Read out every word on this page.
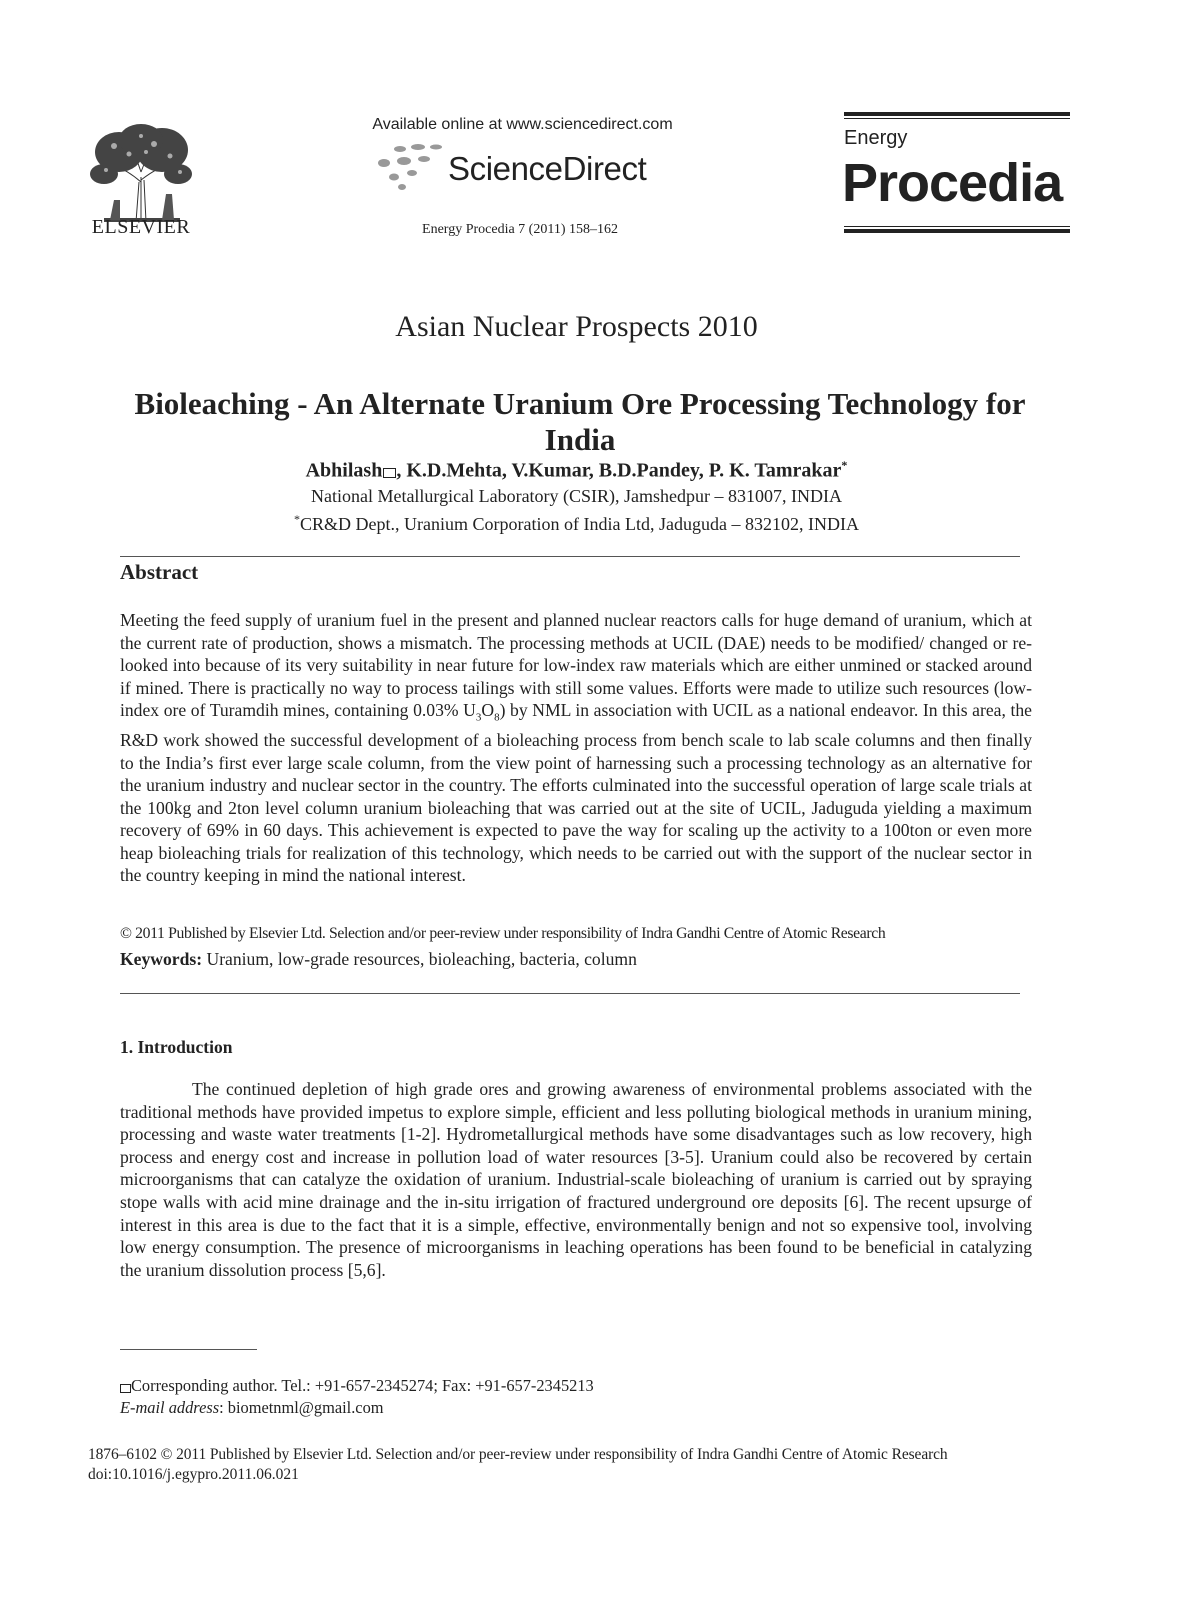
ELSEVIER
Available online at www.sciencedirect.com
ScienceDirect
Energy Procedia 7 (2011) 158–162
Energy
Procedia
Asian Nuclear Prospects 2010
Bioleaching - An Alternate Uranium Ore Processing Technology for India
Abhilash , K.D.Mehta, V.Kumar, B.D.Pandey, P. K. Tamrakar*
National Metallurgical Laboratory (CSIR), Jamshedpur – 831007, INDIA
*CR&D Dept., Uranium Corporation of India Ltd, Jaduguda – 832102, INDIA
Abstract
Meeting the feed supply of uranium fuel in the present and planned nuclear reactors calls for huge demand of uranium, which at the current rate of production, shows a mismatch. The processing methods at UCIL (DAE) needs to be modified/ changed or re-looked into because of its very suitability in near future for low-index raw materials which are either unmined or stacked around if mined. There is practically no way to process tailings with still some values. Efforts were made to utilize such resources (low-index ore of Turamdih mines, containing 0.03% $U_3O_8$) by NML in association with UCIL as a national endeavor. In this area, the R&D work showed the successful development of a bioleaching process from bench scale to lab scale columns and then finally to the India’s first ever large scale column, from the view point of harnessing such a processing technology as an alternative for the uranium industry and nuclear sector in the country. The efforts culminated into the successful operation of large scale trials at the 100kg and 2ton level column uranium bioleaching that was carried out at the site of UCIL, Jaduguda yielding a maximum recovery of 69% in 60 days. This achievement is expected to pave the way for scaling up the activity to a 100ton or even more heap bioleaching trials for realization of this technology, which needs to be carried out with the support of the nuclear sector in the country keeping in mind the national interest.
© 2011 Published by Elsevier Ltd. Selection and/or peer-review under responsibility of Indra Gandhi Centre of Atomic Research
Keywords: Uranium, low-grade resources, bioleaching, bacteria, column
1. Introduction
The continued depletion of high grade ores and growing awareness of environmental problems associated with the traditional methods have provided impetus to explore simple, efficient and less polluting biological methods in uranium mining, processing and waste water treatments [1-2]. Hydrometallurgical methods have some disadvantages such as low recovery, high process and energy cost and increase in pollution load of water resources [3-5]. Uranium could also be recovered by certain microorganisms that can catalyze the oxidation of uranium. Industrial-scale bioleaching of uranium is carried out by spraying stope walls with acid mine drainage and the in-situ irrigation of fractured underground ore deposits [6]. The recent upsurge of interest in this area is due to the fact that it is a simple, effective, environmentally benign and not so expensive tool, involving low energy consumption. The presence of microorganisms in leaching operations has been found to be beneficial in catalyzing the uranium dissolution process [5,6].
Corresponding author. Tel.: +91-657-2345274; Fax: +91-657-2345213
E-mail address: biometnml@gmail.com
1876–6102 © 2011 Published by Elsevier Ltd. Selection and/or peer-review under responsibility of Indra Gandhi Centre of Atomic Research
doi:10.1016/j.egypro.2011.06.021
